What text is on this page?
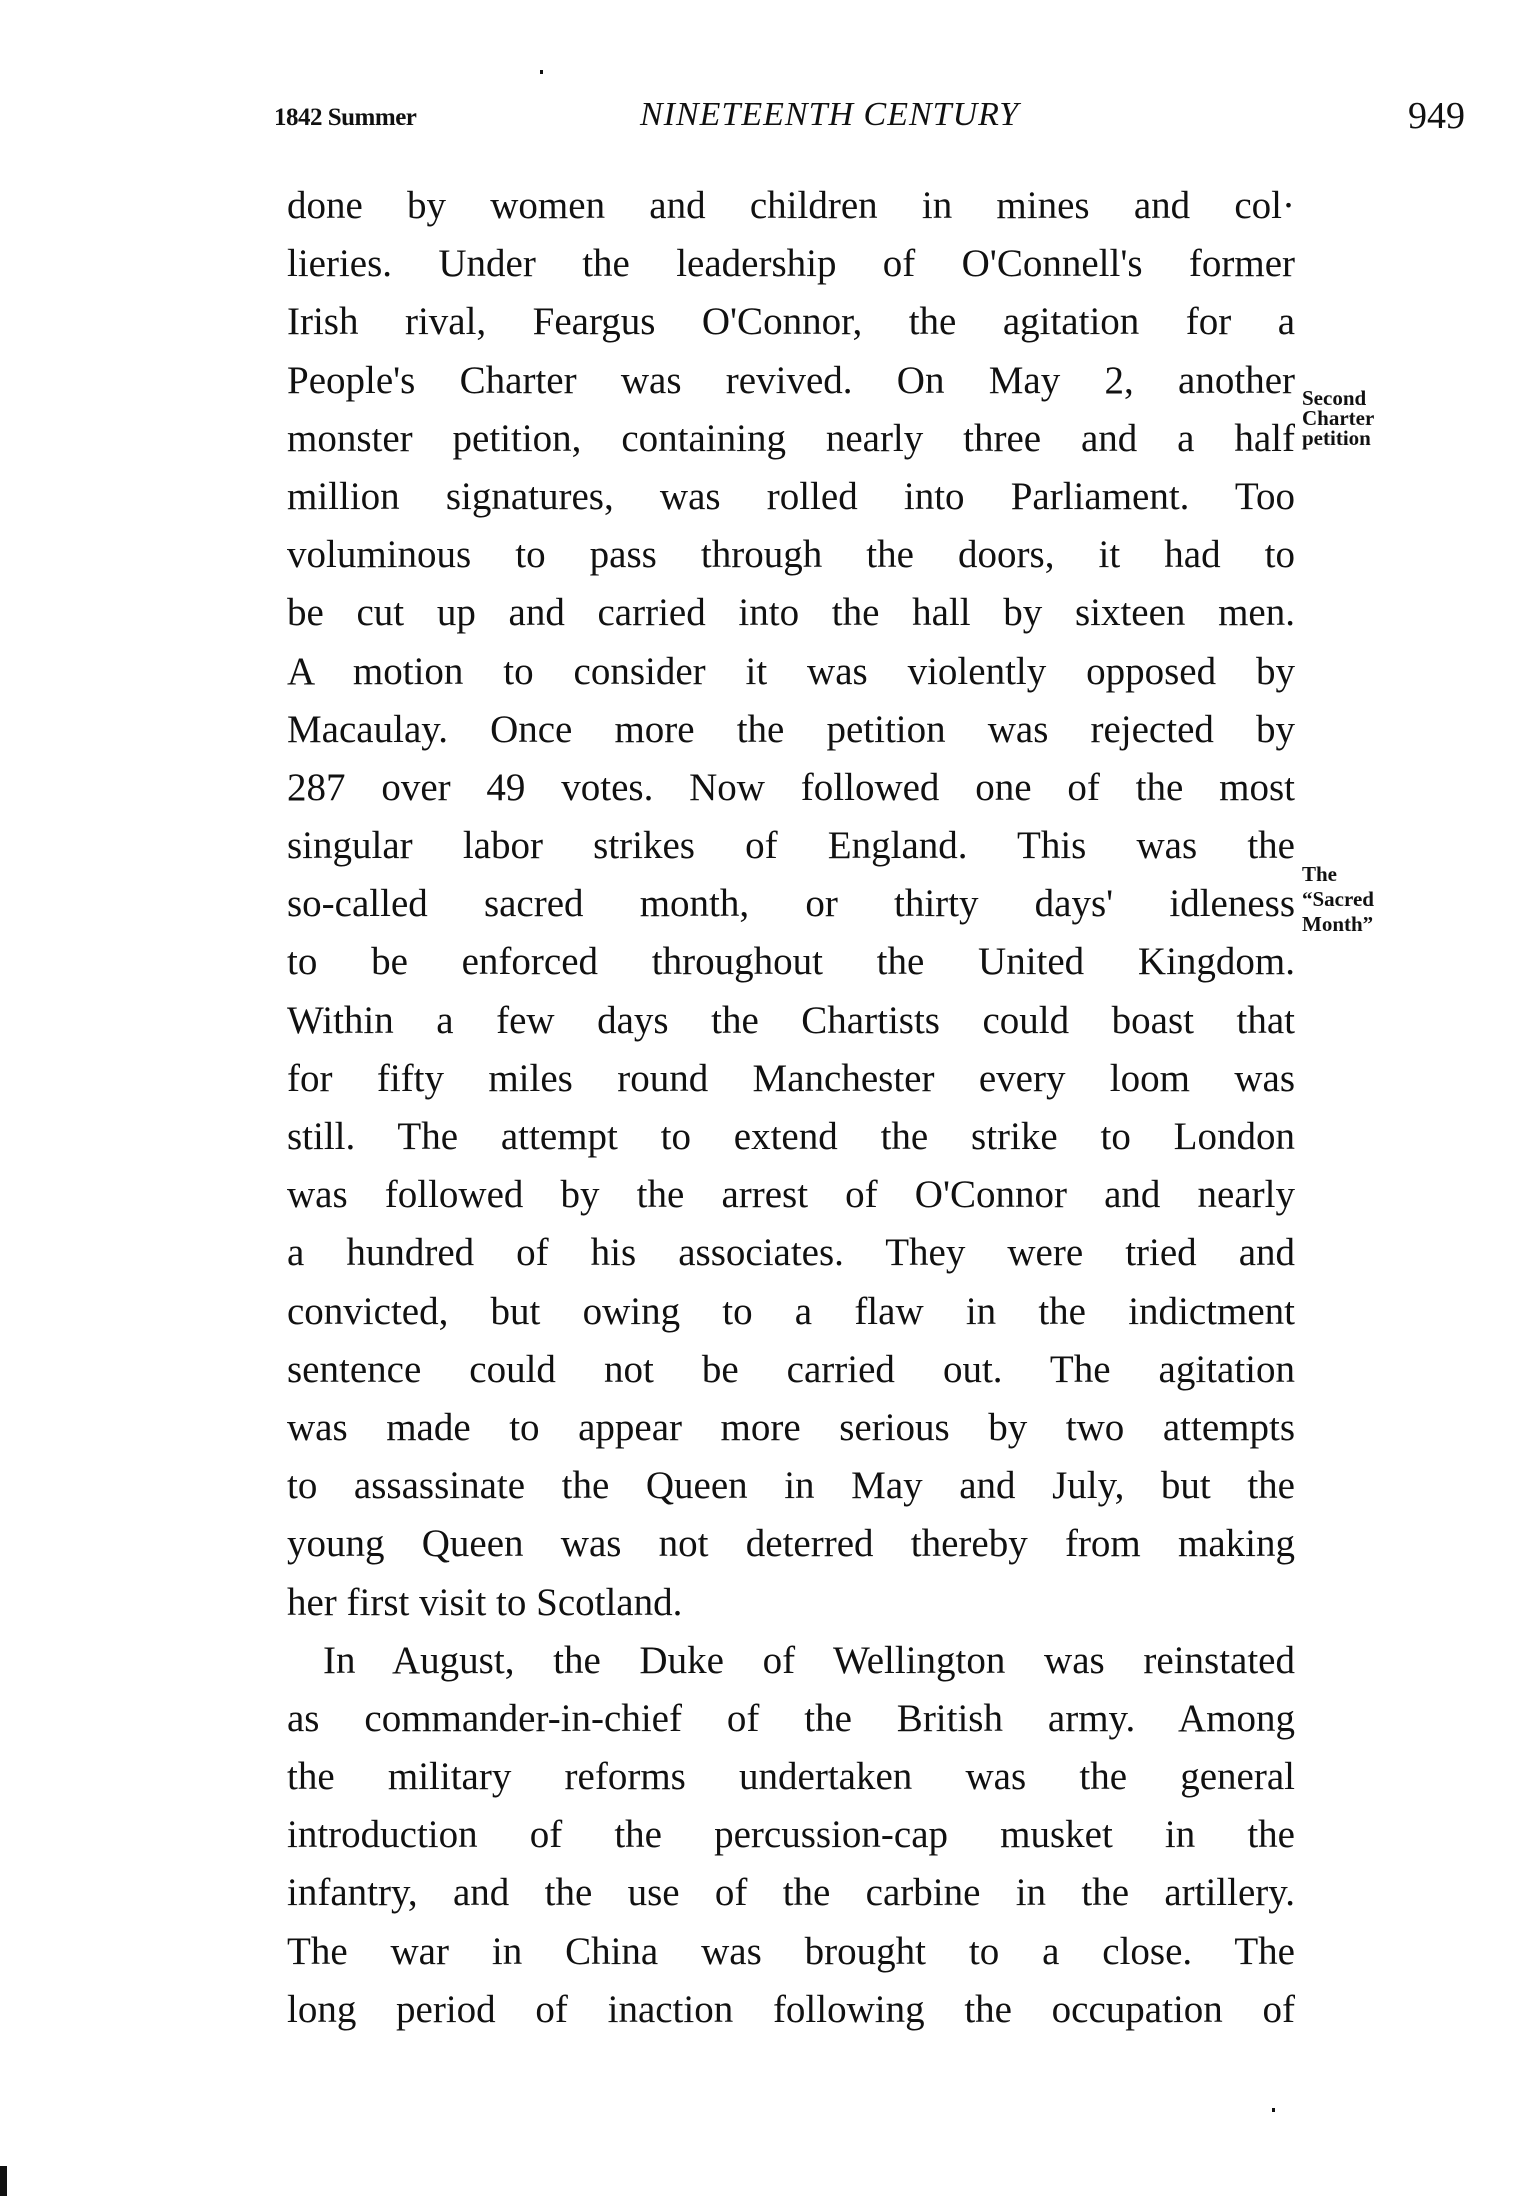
1842 Summer	NINETEENTH CENTURY	949
done by women and children in mines and col·
lieries. Under the leadership of O'Connell's former
Irish rival, Feargus O'Connor, the agitation for a
People's Charter was revived. On May 2, another
monster petition, containing nearly three and a half
million signatures, was rolled into Parliament. Too
voluminous to pass through the doors, it had to
be cut up and carried into the hall by sixteen men.
A motion to consider it was violently opposed by
Macaulay. Once more the petition was rejected by
287 over 49 votes. Now followed one of the most
singular labor strikes of England. This was the
so-called sacred month, or thirty days' idleness
to be enforced throughout the United Kingdom.
Within a few days the Chartists could boast that
for fifty miles round Manchester every loom was
still. The attempt to extend the strike to London
was followed by the arrest of O'Connor and nearly
a hundred of his associates. They were tried and
convicted, but owing to a flaw in the indictment
sentence could not be carried out. The agitation
was made to appear more serious by two attempts
to assassinate the Queen in May and July, but the
young Queen was not deterred thereby from making
her first visit to Scotland.
In August, the Duke of Wellington was reinstated
as commander-in-chief of the British army. Among
the military reforms undertaken was the general
introduction of the percussion-cap musket in the
infantry, and the use of the carbine in the artillery.
The war in China was brought to a close. The
long period of inaction following the occupation of
Second
Charter
petition
The
“Sacred
Month”
